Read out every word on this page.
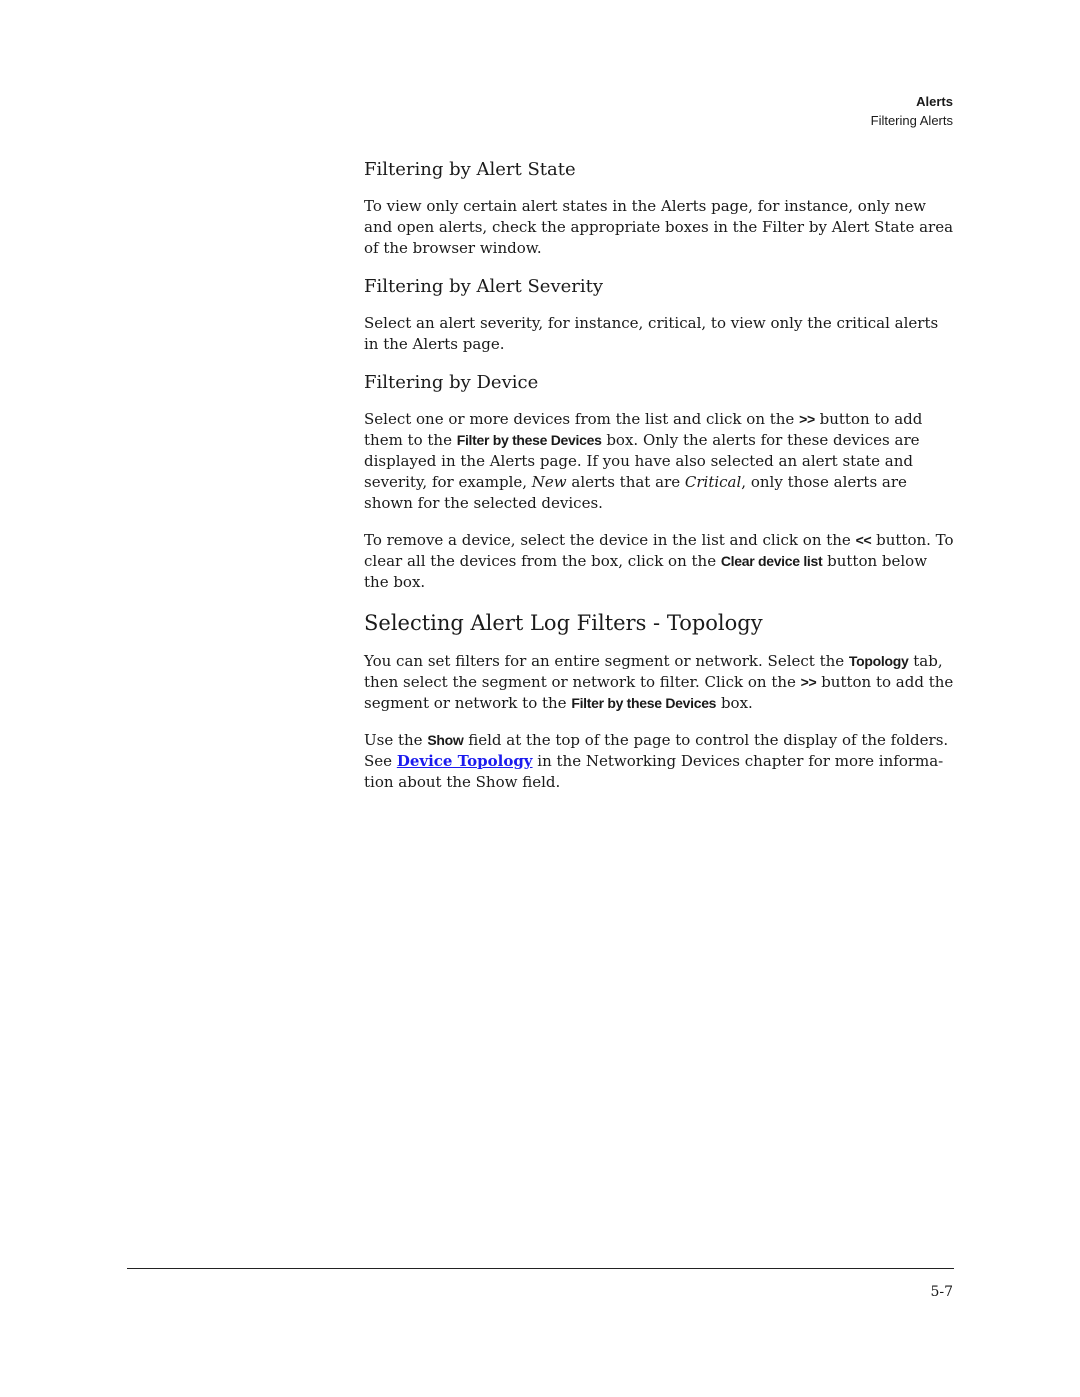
Alerts
Filtering Alerts
Filtering by Alert State

To view only certain alert states in the Alerts page, for instance, only new and open alerts, check the appropriate boxes in the Filter by Alert State area of the browser window.

Filtering by Alert Severity

Select an alert severity, for instance, critical, to view only the critical alerts in the Alerts page.

Filtering by Device

Select one or more devices from the list and click on the >> button to add them to the Filter by these Devices box. Only the alerts for these devices are displayed in the Alerts page. If you have also selected an alert state and severity, for example, New alerts that are Critical, only those alerts are shown for the selected devices.

To remove a device, select the device in the list and click on the << button. To clear all the devices from the box, click on the Clear device list button below the box.

Selecting Alert Log Filters - Topology

You can set filters for an entire segment or network. Select the Topology tab, then select the segment or network to filter. Click on the >> button to add the segment or network to the Filter by these Devices box.

Use the Show field at the top of the page to control the display of the folders. See Device Topology in the Networking Devices chapter for more informa- tion about the Show field.

5-7
